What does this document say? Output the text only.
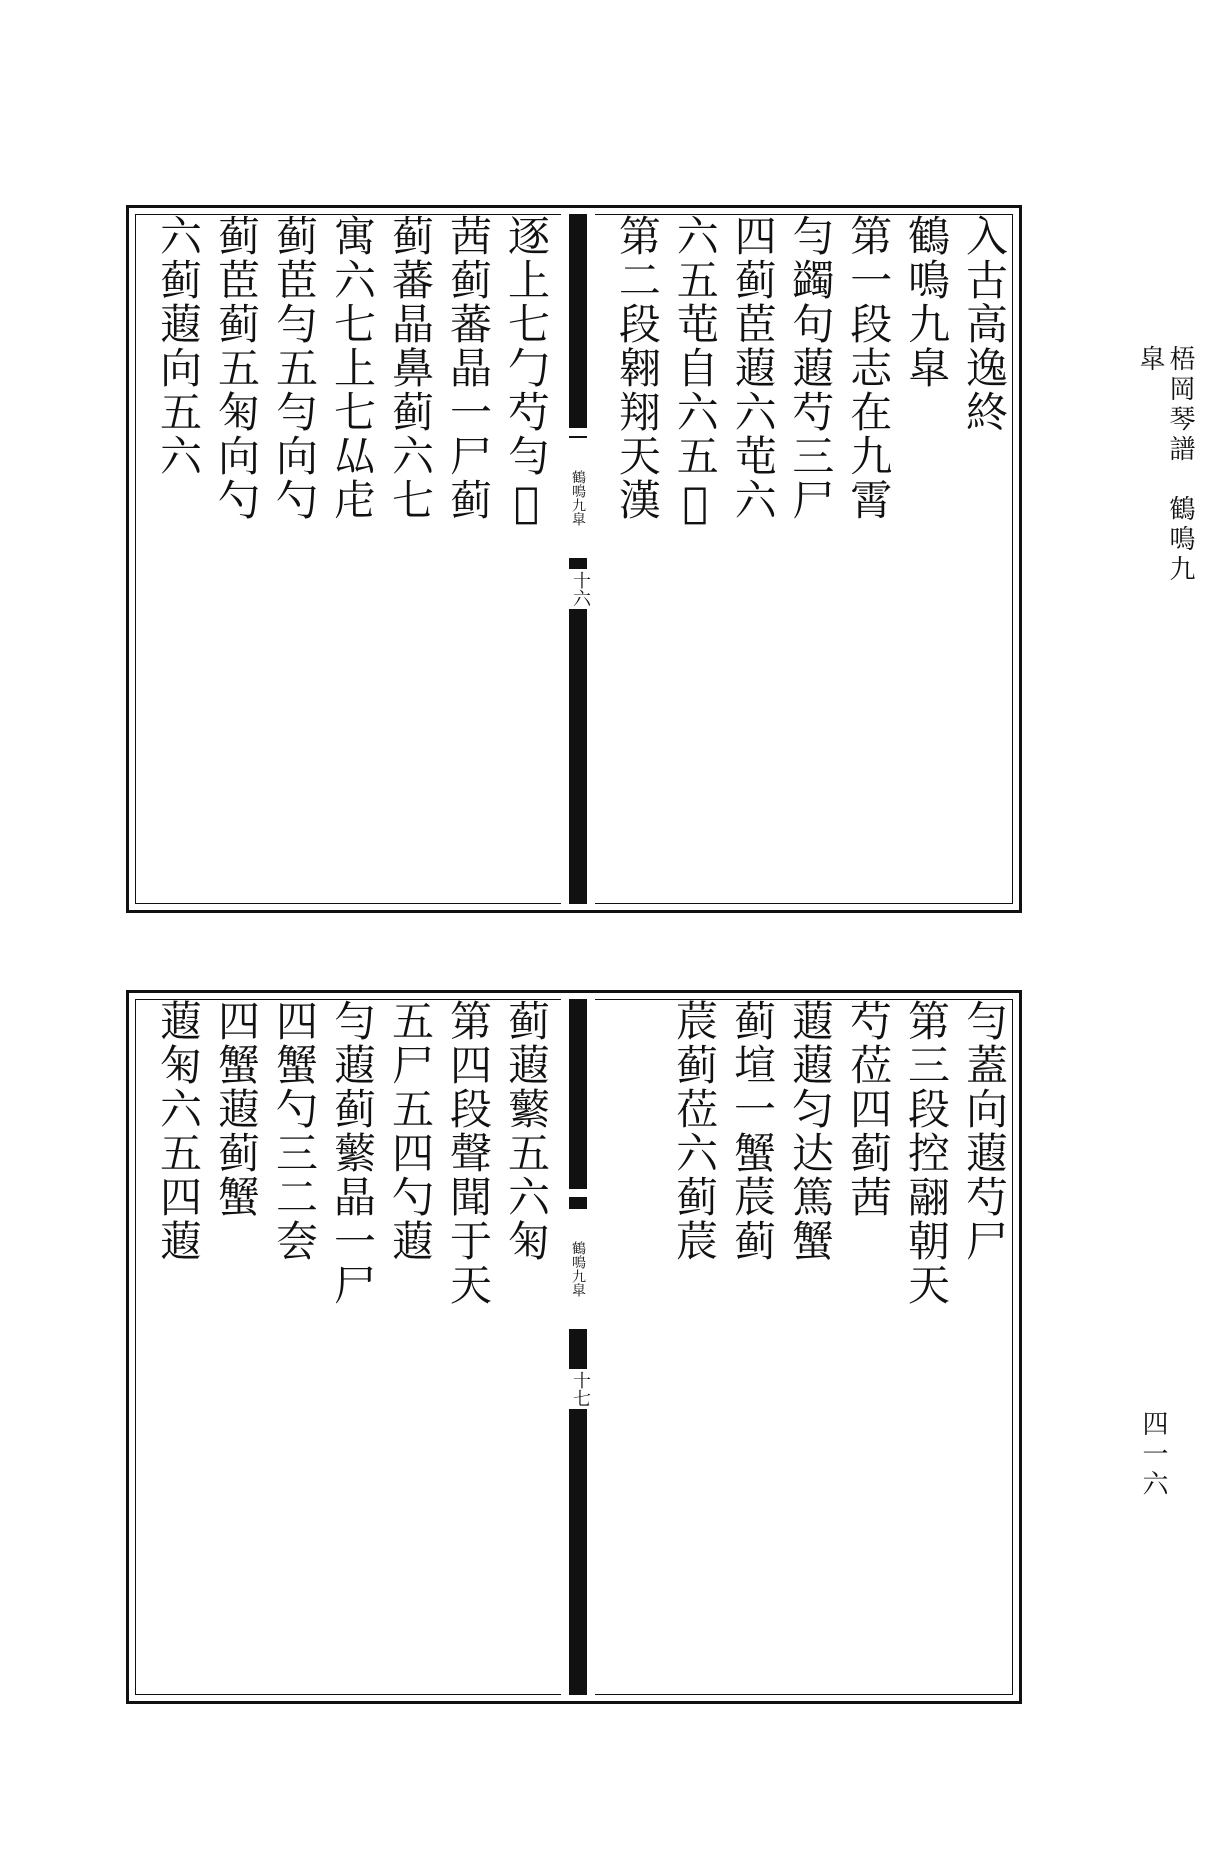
梧岡琴譜　鶴鳴九皐
四一六
入古高逸終
鶴鳴九皐
第一段志在九霄
勻蠲句蕸芍三尸
四蓟茞蕸六芚六
六五芚自六五𦍉
第二段翱翔天漢
鶴鳴九皐
十六
逐上七勹芍勻𦍉
茜蓟蕃晶一尸蓟
蓟蕃晶鼻蓟六七
寓六七上七厸虍
蓟茞勻五勻向勺
蓟茞蓟五匊向勺
六蓟蕸向五六
勻蓋向蕸芍尸
第三段控翮朝天
芍莅四蓟茜
蕸蕸匀达篤蟹
蓟塇一蟹莀蓟
莀蓟莅六蓟莀
鶴鳴九皐
十七
蓟蕸蘩五六匊
第四段聲聞于天
五尸五四勺蕸
勻蕸蓟蘩晶一尸
四蟹勺三二夽
四蟹蕸蓟蟹
蕸匊六五四蕸
